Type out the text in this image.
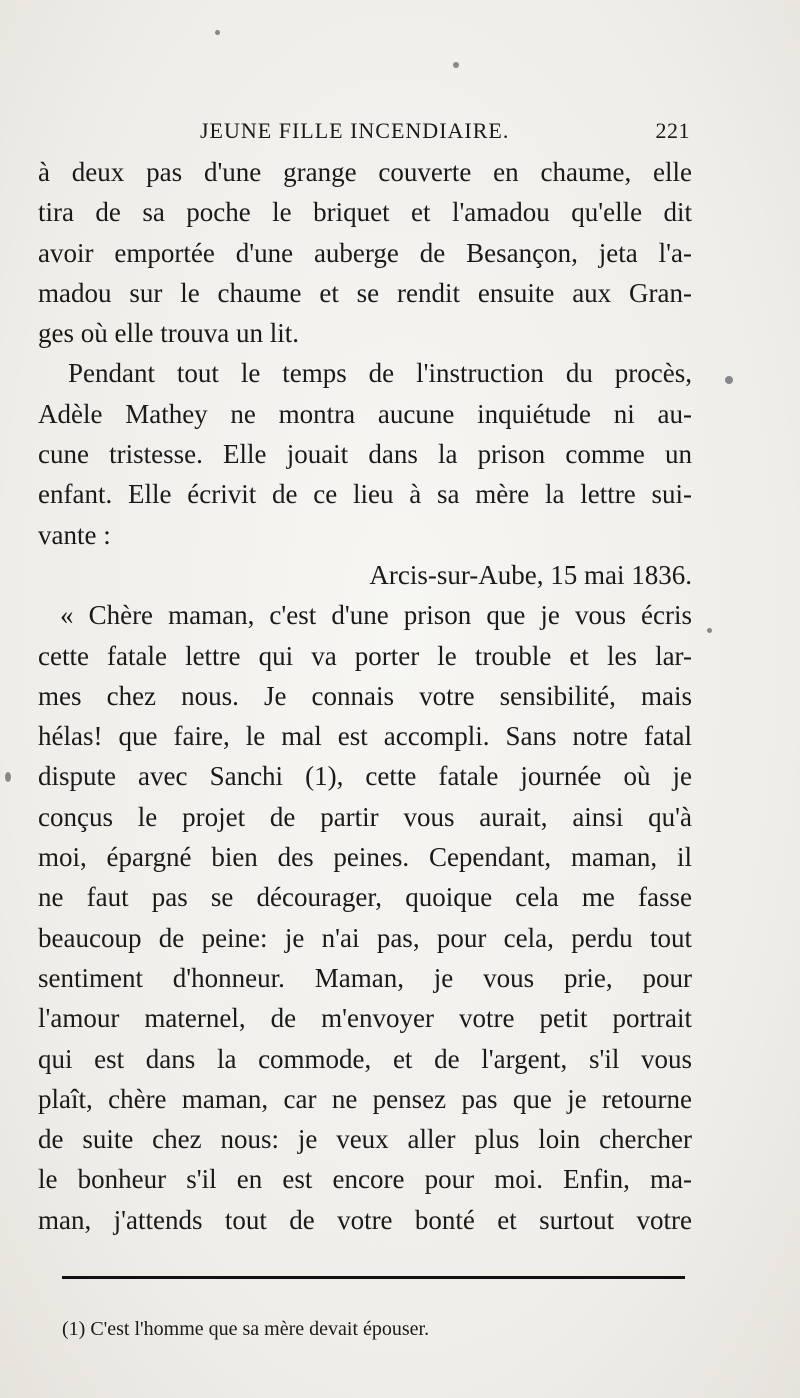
JEUNE FILLE INCENDIAIRE.	221
à deux pas d'une grange couverte en chaume, elle
tira de sa poche le briquet et l'amadou qu'elle dit
avoir emportée d'une auberge de Besançon, jeta l'a-
madou sur le chaume et se rendit ensuite aux Gran-
ges où elle trouva un lit.
Pendant tout le temps de l'instruction du procès,
Adèle Mathey ne montra aucune inquiétude ni au-
cune tristesse. Elle jouait dans la prison comme un
enfant. Elle écrivit de ce lieu à sa mère la lettre sui-
vante :
Arcis-sur-Aube, 15 mai 1836.
« Chère maman, c'est d'une prison que je vous écris
cette fatale lettre qui va porter le trouble et les lar-
mes chez nous. Je connais votre sensibilité, mais
hélas! que faire, le mal est accompli. Sans notre fatal
dispute avec Sanchi (1), cette fatale journée où je
conçus le projet de partir vous aurait, ainsi qu'à
moi, épargné bien des peines. Cependant, maman, il
ne faut pas se décourager, quoique cela me fasse
beaucoup de peine: je n'ai pas, pour cela, perdu tout
sentiment d'honneur. Maman, je vous prie, pour
l'amour maternel, de m'envoyer votre petit portrait
qui est dans la commode, et de l'argent, s'il vous
plaît, chère maman, car ne pensez pas que je retourne
de suite chez nous: je veux aller plus loin chercher
le bonheur s'il en est encore pour moi. Enfin, ma-
man, j'attends tout de votre bonté et surtout votre
(1) C'est l'homme que sa mère devait épouser.
